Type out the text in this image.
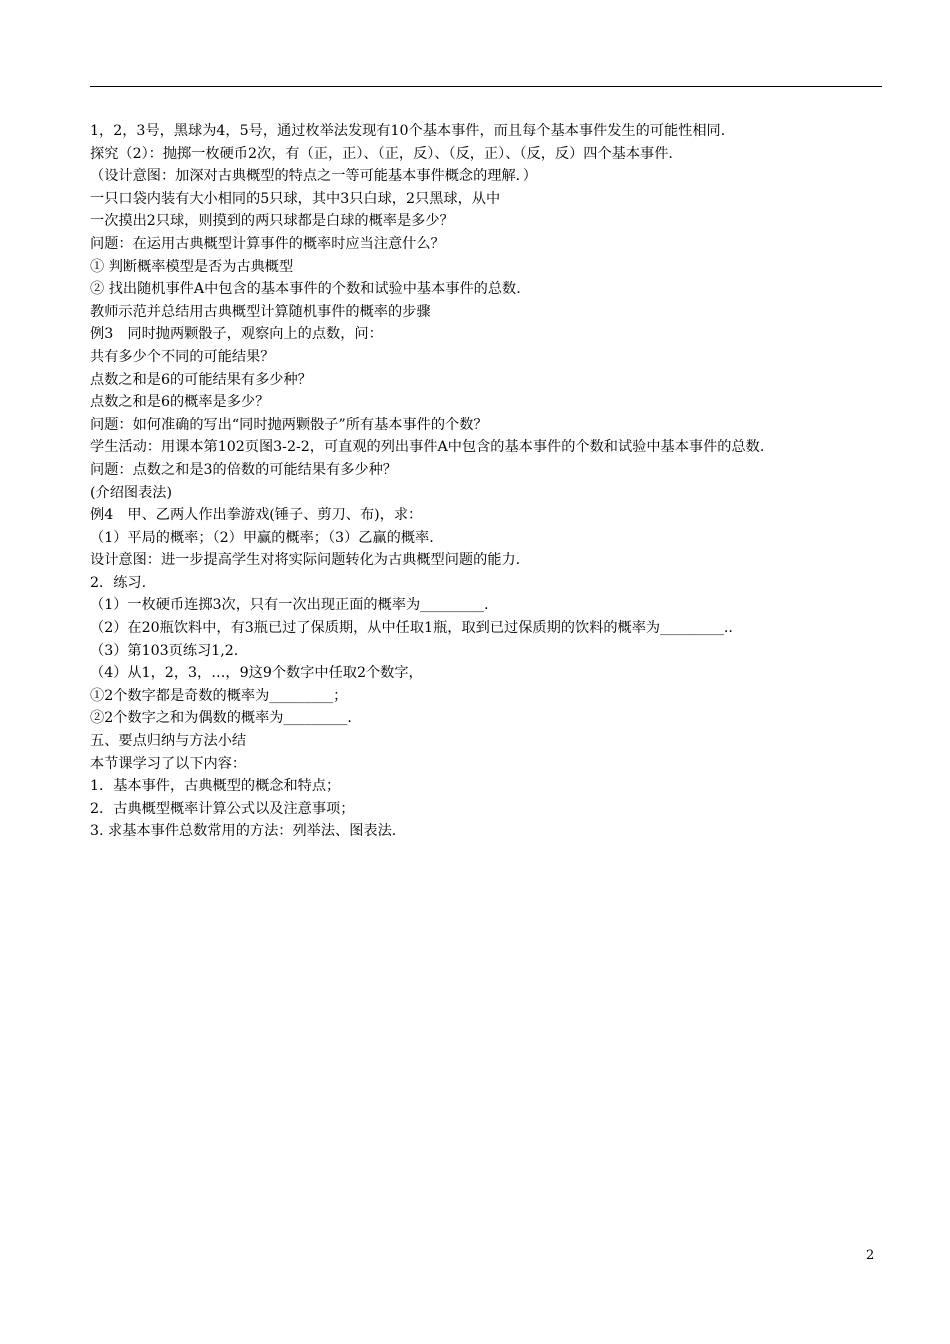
1，2，3号，黑球为4，5号，通过枚举法发现有10个基本事件，而且每个基本事件发生的可能性相同.
探究（2）：抛掷一枚硬币2次，有（正，正）、（正，反）、（反，正）、（反，反）四个基本事件.
（设计意图：加深对古典概型的特点之一等可能基本事件概念的理解．）
一只口袋内装有大小相同的5只球，其中3只白球，2只黑球，从中
一次摸出2只球，则摸到的两只球都是白球的概率是多少？
问题：在运用古典概型计算事件的概率时应当注意什么？
① 判断概率模型是否为古典概型
② 找出随机事件A中包含的基本事件的个数和试验中基本事件的总数.
教师示范并总结用古典概型计算随机事件的概率的步骤
例3　同时抛两颗骰子，观察向上的点数，问：
共有多少个不同的可能结果？
点数之和是6的可能结果有多少种？
点数之和是6的概率是多少？
问题：如何准确的写出“同时抛两颗骰子”所有基本事件的个数？
学生活动：用课本第102页图3-2-2，可直观的列出事件A中包含的基本事件的个数和试验中基本事件的总数.
问题：点数之和是3的倍数的可能结果有多少种？
(介绍图表法)
例4　甲、乙两人作出拳游戏(锤子、剪刀、布)，求：
（1）平局的概率；（2）甲赢的概率；（3）乙赢的概率.
设计意图：进一步提高学生对将实际问题转化为古典概型问题的能力.
2．练习.
（1）一枚硬币连掷3次，只有一次出现正面的概率为_________.
（2）在20瓶饮料中，有3瓶已过了保质期，从中任取1瓶，取到已过保质期的饮料的概率为_________..
（3）第103页练习1,2.
（4）从1，2，3，…，9这9个数字中任取2个数字，
①2个数字都是奇数的概率为_________；
②2个数字之和为偶数的概率为_________.
五、要点归纳与方法小结
本节课学习了以下内容：
1．基本事件，古典概型的概念和特点；
2．古典概型概率计算公式以及注意事项；
3. 求基本事件总数常用的方法：列举法、图表法.
2
